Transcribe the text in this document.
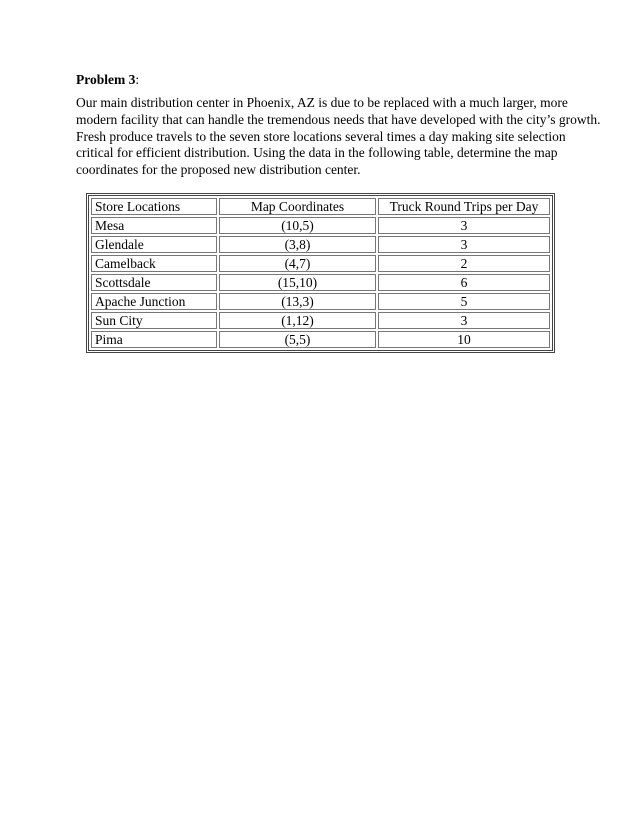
Problem 3:

Our main distribution center in Phoenix, AZ is due to be replaced with a much larger, more
modern facility that can handle the tremendous needs that have developed with the city’s growth.
Fresh produce travels to the seven store locations several times a day making site selection
critical for efficient distribution. Using the data in the following table, determine the map
coordinates for the proposed new distribution center.

Store Locations	Map Coordinates	Truck Round Trips per Day
Mesa	(10,5)	3
Glendale	(3,8)	3
Camelback	(4,7)	2
Scottsdale	(15,10)	6
Apache Junction	(13,3)	5
Sun City	(1,12)	3
Pima	(5,5)	10
